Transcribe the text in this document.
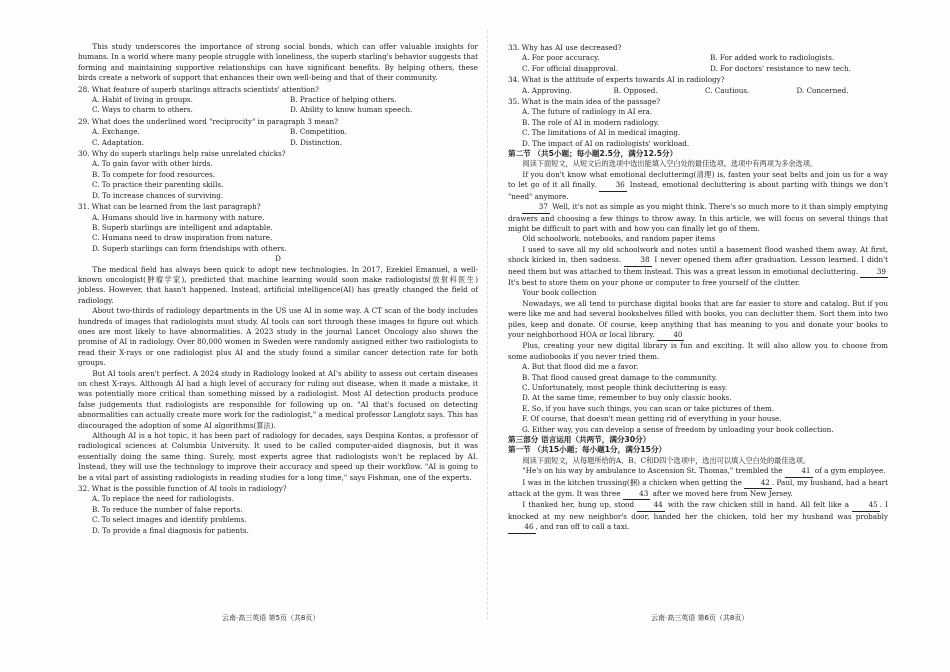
This study underscores the importance of strong social bonds, which can offer valuable insights for humans. In a world where many people struggle with loneliness, the superb starling's behavior suggests that forming and maintaining supportive relationships can have significant benefits. By helping others, these birds create a network of support that enhances their own well-being and that of their community.

28. What feature of superb starlings attracts scientists' attention?

A. Habit of living in groups.	B. Practice of helping others.
C. Ways to charm to others.	D. Ability to know human speech.

29. What does the underlined word "reciprocity" in paragraph 3 mean?

A. Exchange.	B. Competition.
C. Adaptation.	D. Distinction.

30. Why do superb starlings help raise unrelated chicks?

A. To gain favor with other birds.
B. To compete for food resources.
C. To practice their parenting skills.
D. To increase chances of surviving.

31. What can be learned from the last paragraph?

A. Humans should live in harmony with nature.
B. Superb starlings are intelligent and adaptable.
C. Humans need to draw inspiration from nature.
D. Superb starlings can form friendships with others.
D

The medical field has always been quick to adopt new technologies. In 2017, Ezekiel Emanuel, a well-known oncologist(肿瘤学家), predicted that machine learning would soon make radiologists(放射科医生) jobless. However, that hasn't happened. Instead, artificial intelligence(AI) has greatly changed the field of radiology.

About two-thirds of radiology departments in the US use AI in some way. A CT scan of the body includes hundreds of images that radiologists must study. AI tools can sort through these images to figure out which ones are most likely to have abnormalities. A 2023 study in the journal Lancet Oncology also shows the promise of AI in radiology. Over 80,000 women in Sweden were randomly assigned either two radiologists to read their X-rays or one radiologist plus AI and the study found a similar cancer detection rate for both groups.

But AI tools aren't perfect. A 2024 study in Radiology looked at AI's ability to assess out certain diseases on chest X-rays. Although AI had a high level of accuracy for ruling out disease, when it made a mistake, it was potentially more critical than something missed by a radiologist. Most AI detection products produce false judgements that radiologists are responsible for following up on. "AI that's focused on detecting abnormalities can actually create more work for the radiologist," a medical professor Langlotz says. This has discouraged the adoption of some AI algorithms(算法).

Although AI is a hot topic, it has been part of radiology for decades, says Despina Kontos, a professor of radiological sciences at Columbia University. It used to be called computer-aided diagnosis, but it was essentially doing the same thing. Surely, most experts agree that radiologists won't be replaced by AI. Instead, they will use the technology to improve their accuracy and speed up their workflow. "AI is going to be a vital part of assisting radiologists in reading studies for a long time," says Fishman, one of the experts.

32. What is the possible function of AI tools in radiology?

A. To replace the need for radiologists.
B. To reduce the number of false reports.
C. To select images and identify problems.
D. To provide a final diagnosis for patients.

33. Why has AI use decreased?

A. For poor accuracy.	B. For added work to radiologists.
C. For official disapproval.	D. For doctors' resistance to new tech.

34. What is the attitude of experts towards AI in radiology?

A. Approving.	B. Opposed.	C. Cautious.	D. Concerned.

35. What is the main idea of the passage?

A. The future of radiology in AI era.
B. The role of AI in modern radiology.
C. The limitations of AI in medical imaging.
D. The impact of AI on radiologists' workload.
第二节 （共5小题；每小题2.5分，满分12.5分）

阅读下面短文，从短文后的选项中选出能填入空白处的最佳选项。选项中有两项为多余选项。

If you don't know what emotional decluttering(清理) is, fasten your seat belts and join us for a way to let go of it all finally.	36 Instead, emotional decluttering is about parting with things we don't "need" anymore.

37 Well, it's not as simple as you might think. There's so much more to it than simply emptying drawers and choosing a few things to throw away. In this article, we will focus on several things that might be difficult to part with and how you can finally let go of them.

Old schoolwork, notebooks, and random paper items

I used to save all my old schoolwork and notes until a basement flood washed them away. At first, shock kicked in, then sadness.	38 I never opened them after graduation. Lesson learned. I didn't need them but was attached to them instead. This was a great lesson in emotional decluttering.	39 It's best to store them on your phone or computer to free yourself of the clutter.

Your book collection

Nowadays, we all tend to purchase digital books that are far easier to store and catalog. But if you were like me and had several bookshelves filled with books, you can declutter them. Sort them into two piles, keep and donate. Of course, keep anything that has meaning to you and donate your books to your neighborhood HOA or local library.	40

Plus, creating your new digital library is fun and exciting. It will also allow you to choose from some audiobooks if you never tried them.

A. But that flood did me a favor.
B. That flood caused great damage to the community.
C. Unfortunately, most people think decluttering is easy.
D. At the same time, remember to buy only classic books.
E. So, if you have such things, you can scan or take pictures of them.
F. Of course, that doesn't mean getting rid of everything in your house.
G. Either way, you can develop a sense of freedom by unloading your book collection.
第三部分 语言运用（共两节，满分30分）
第一节 （共15小题；每小题1分，满分15分）

阅读下面短文，从每题所给的A、B、C和D四个选项中，选出可以填入空白处的最佳选项。

"He's on his way by ambulance to Ascension St. Thomas," trembled the	41 of a gym employee.

I was in the kitchen trussing(捆) a chicken when getting the	42 . Paul, my husband, had a heart attack at the gym. It was three	43 after we moved here from New Jersey.

I thanked her, hung up, stood	44 with the raw chicken still in hand. All felt like a	45 . I knocked at my new neighbor's door, handed her the chicken, told her my husband was probably 46 , and ran off to call a taxi.

云南·高三英语 第5页（共8页）	云南·高三英语 第6页（共8页）
